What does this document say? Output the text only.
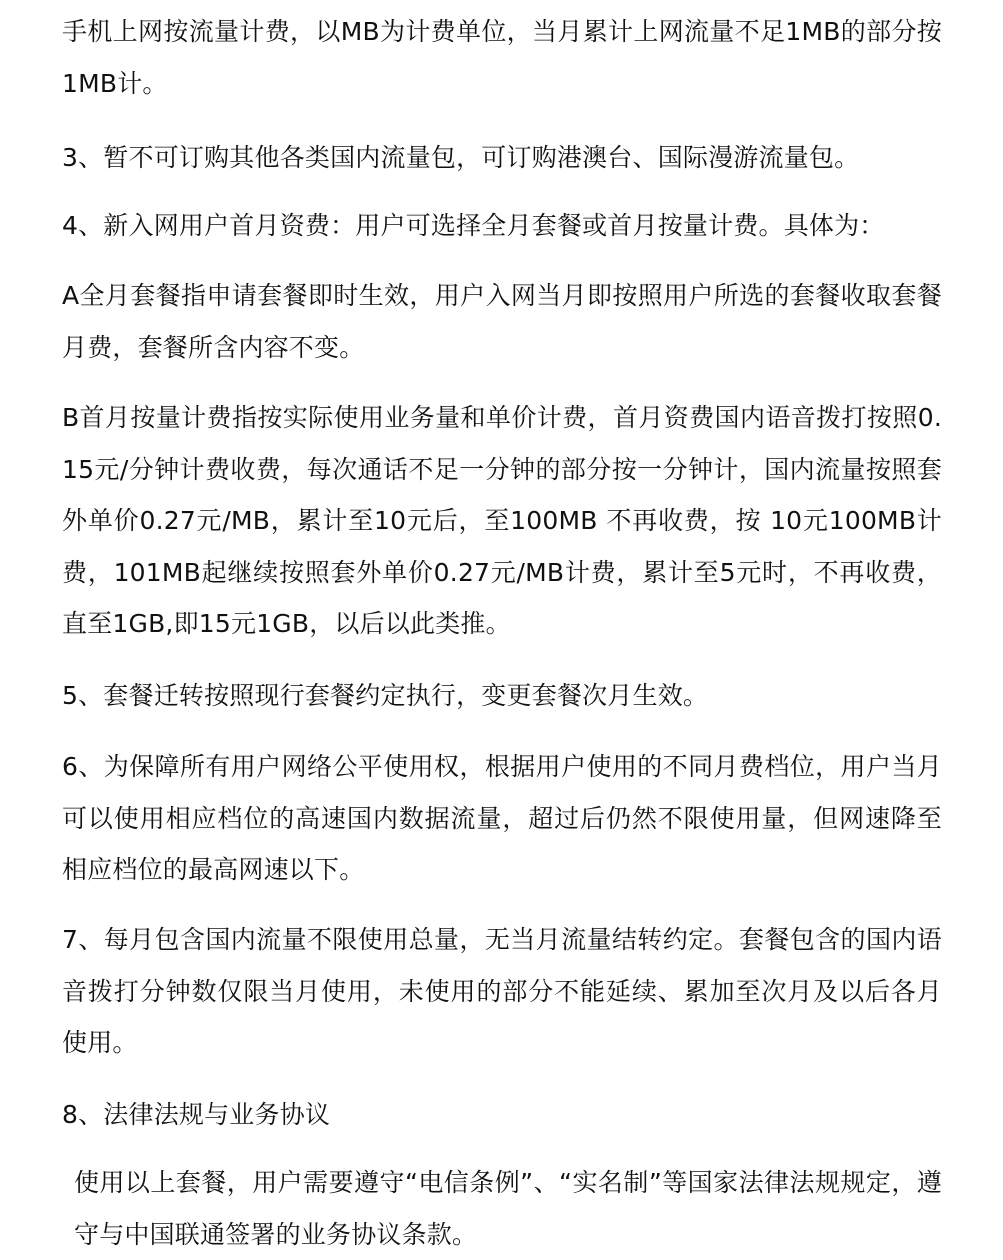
手机上网按流量计费，以MB为计费单位，当月累计上网流量不足1MB的部分按1MB计。

3、暂不可订购其他各类国内流量包，可订购港澳台、国际漫游流量包。

4、新入网用户首月资费：用户可选择全月套餐或首月按量计费。具体为：

A全月套餐指申请套餐即时生效，用户入网当月即按照用户所选的套餐收取套餐月费，套餐所含内容不变。

B首月按量计费指按实际使用业务量和单价计费，首月资费国内语音拨打按照0.15元/分钟计费收费，每次通话不足一分钟的部分按一分钟计，国内流量按照套外单价0.27元/MB，累计至10元后，至100MB 不再收费，按 10元100MB计费，101MB起继续按照套外单价0.27元/MB计费，累计至5元时，不再收费，直至1GB,即15元1GB，以后以此类推。

5、套餐迁转按照现行套餐约定执行，变更套餐次月生效。

6、为保障所有用户网络公平使用权，根据用户使用的不同月费档位，用户当月可以使用相应档位的高速国内数据流量，超过后仍然不限使用量，但网速降至相应档位的最高网速以下。

7、每月包含国内流量不限使用总量，无当月流量结转约定。套餐包含的国内语音拨打分钟数仅限当月使用，未使用的部分不能延续、累加至次月及以后各月使用。

8、法律法规与业务协议

使用以上套餐，用户需要遵守“电信条例”、“实名制”等国家法律法规规定，遵守与中国联通签署的业务协议条款。
